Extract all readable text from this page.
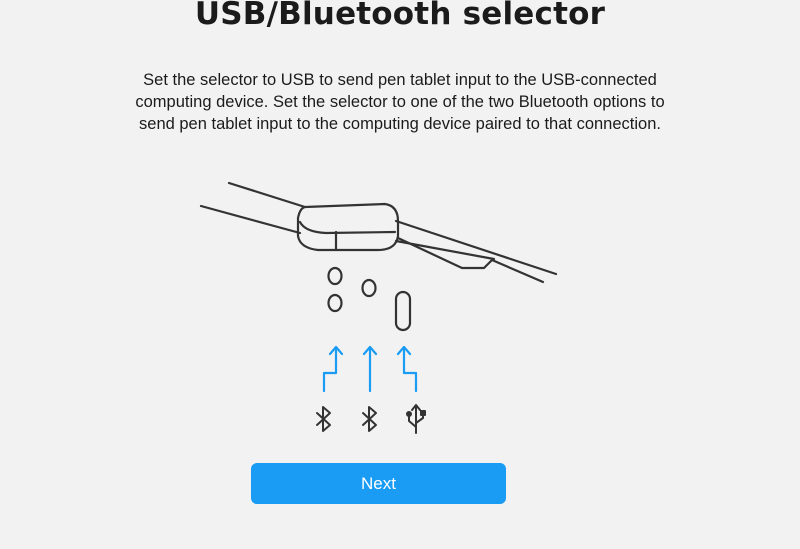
USB/Bluetooth selector

Set the selector to USB to send pen tablet input to the USB-connected computing device. Set the selector to one of the two Bluetooth options to send pen tablet input to the computing device paired to that connection.

Next
